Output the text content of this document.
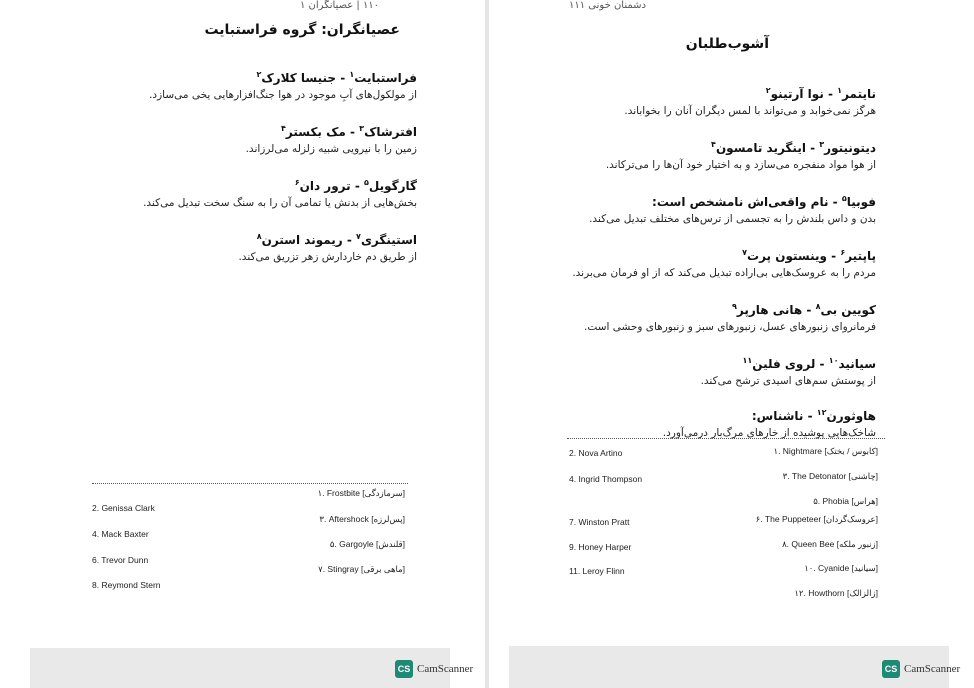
۱۱۰ | عصیانگران ۱
عصیانگران: گروه فراستبایت
فراستبایت$^۱$ - جنیسا کلارک$^۲$
از مولکول‌های آبِ موجود در هوا جنگ‌افزارهایی یخی می‌سازد.
افترشاک$^۳$ - مک بکستر$^۴$
زمین را با نیرویی شبیه زلزله می‌لرزاند.
گارگویل$^۵$ - ترور دان$^۶$
بخش‌هایی از بدنش یا تمامی آن را به سنگ سخت تبدیل می‌کند.
استینگری$^۷$ - ریموند استرن$^۸$
از طریق دم خاردارش زهر تزریق می‌کند.
۱. Frostbite [سرمازدگی]
۳. Aftershock [پس‌لرزه]
۵. Gargoyle [قلندش]
۷. Stingray [ماهی برقی]
2. Genissa Clark
4. Mack Baxter
6. Trevor Dunn
8. Reymond Stern
دشمنان خونی ۱۱۱
آشوب‌طلبان
نایتمر$^۱$ - نوا آرتینو$^۲$
هرگز نمی‌خوابد و می‌تواند با لمس دیگران آنان را بخواباند.
دیتونیتور$^۳$ - اینگرید تامسون$^۴$
از هوا مواد منفجره می‌سازد و به اختیار خود آن‌ها را می‌ترکاند.
فوبیا$^۵$ - نام واقعی‌اش نامشخص است:
بدن و داس بلندش را به تجسمی از ترس‌های مختلف تبدیل می‌کند.
پاپتیر$^۶$ - وینستون پرت$^۷$
مردم را به عروسک‌هایی بی‌اراده تبدیل می‌کند که از او فرمان می‌برند.
کویین بی$^۸$ - هانی هارپر$^۹$
فرمانروای زنبورهای عسل، زنبورهای سبز و زنبورهای وحشی است.
سیانید$^{۱۰}$ - لروی فلین$^{۱۱}$
از پوستش سم‌های اسیدی ترشح می‌کند.
هاوثورن$^{۱۲}$ - ناشناس:
شاخک‌هایی پوشیده از خارهای مرگ‌بار درمی‌آورد.
۱. Nightmare [کابوس / بختک]
۳. The Detonator [چاشنی]
۵. Phobia [هراس]
۶. The Puppeteer [عروسک‌گردان]
۸. Queen Bee [زنبور ملکه]
۱۰. Cyanide [سیانید]
۱۲. Howthorn [زالزالک]
2. Nova Artino
4. Ingrid Thompson
7. Winston Pratt
9. Honey Harper
11. Leroy Flinn
CS CamScanner	CS CamScanner
